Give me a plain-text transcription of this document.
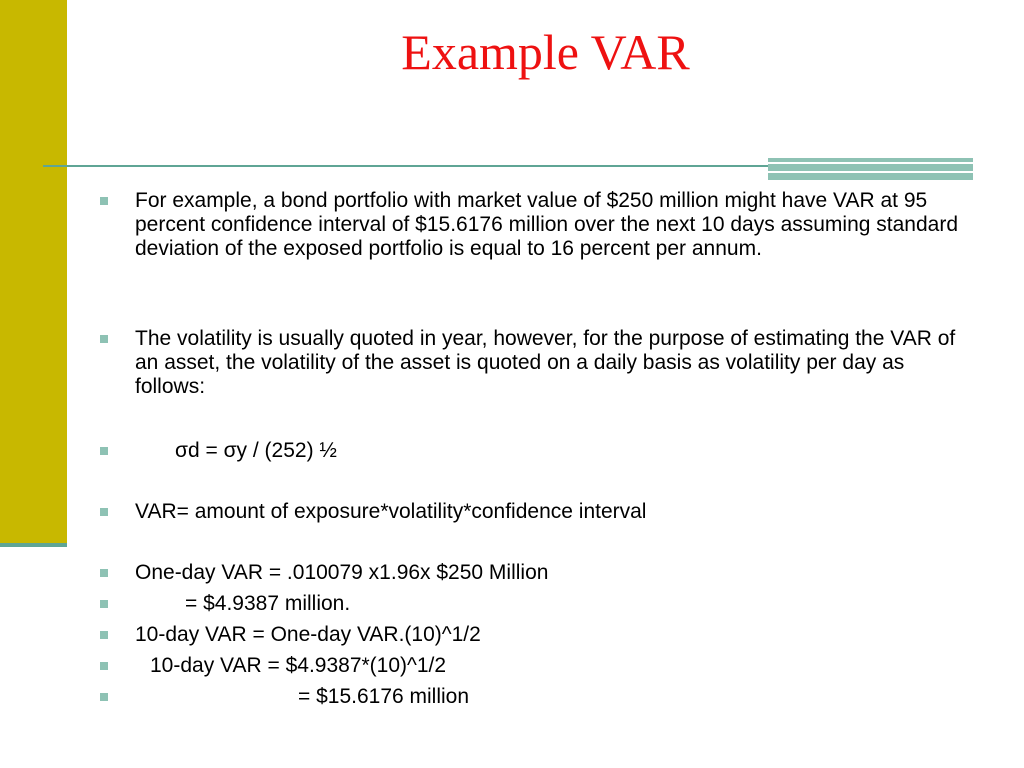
Example VAR
For example, a bond portfolio with market value of $250 million might have VAR at 95 percent confidence interval of $15.6176 million over the next 10 days assuming standard deviation of the exposed portfolio is equal to 16 percent per annum.
The volatility is usually quoted in year, however, for the purpose of estimating the VAR of an asset, the volatility of the asset is quoted on a daily basis as volatility per day as follows:
σd = σy / (252) ½
VAR= amount of exposure*volatility*confidence interval
One-day VAR = .010079 x1.96x $250 Million
= $4.9387 million.
10-day VAR = One-day VAR.(10)^1/2
10-day VAR = $4.9387*(10)^1/2
= $15.6176 million
